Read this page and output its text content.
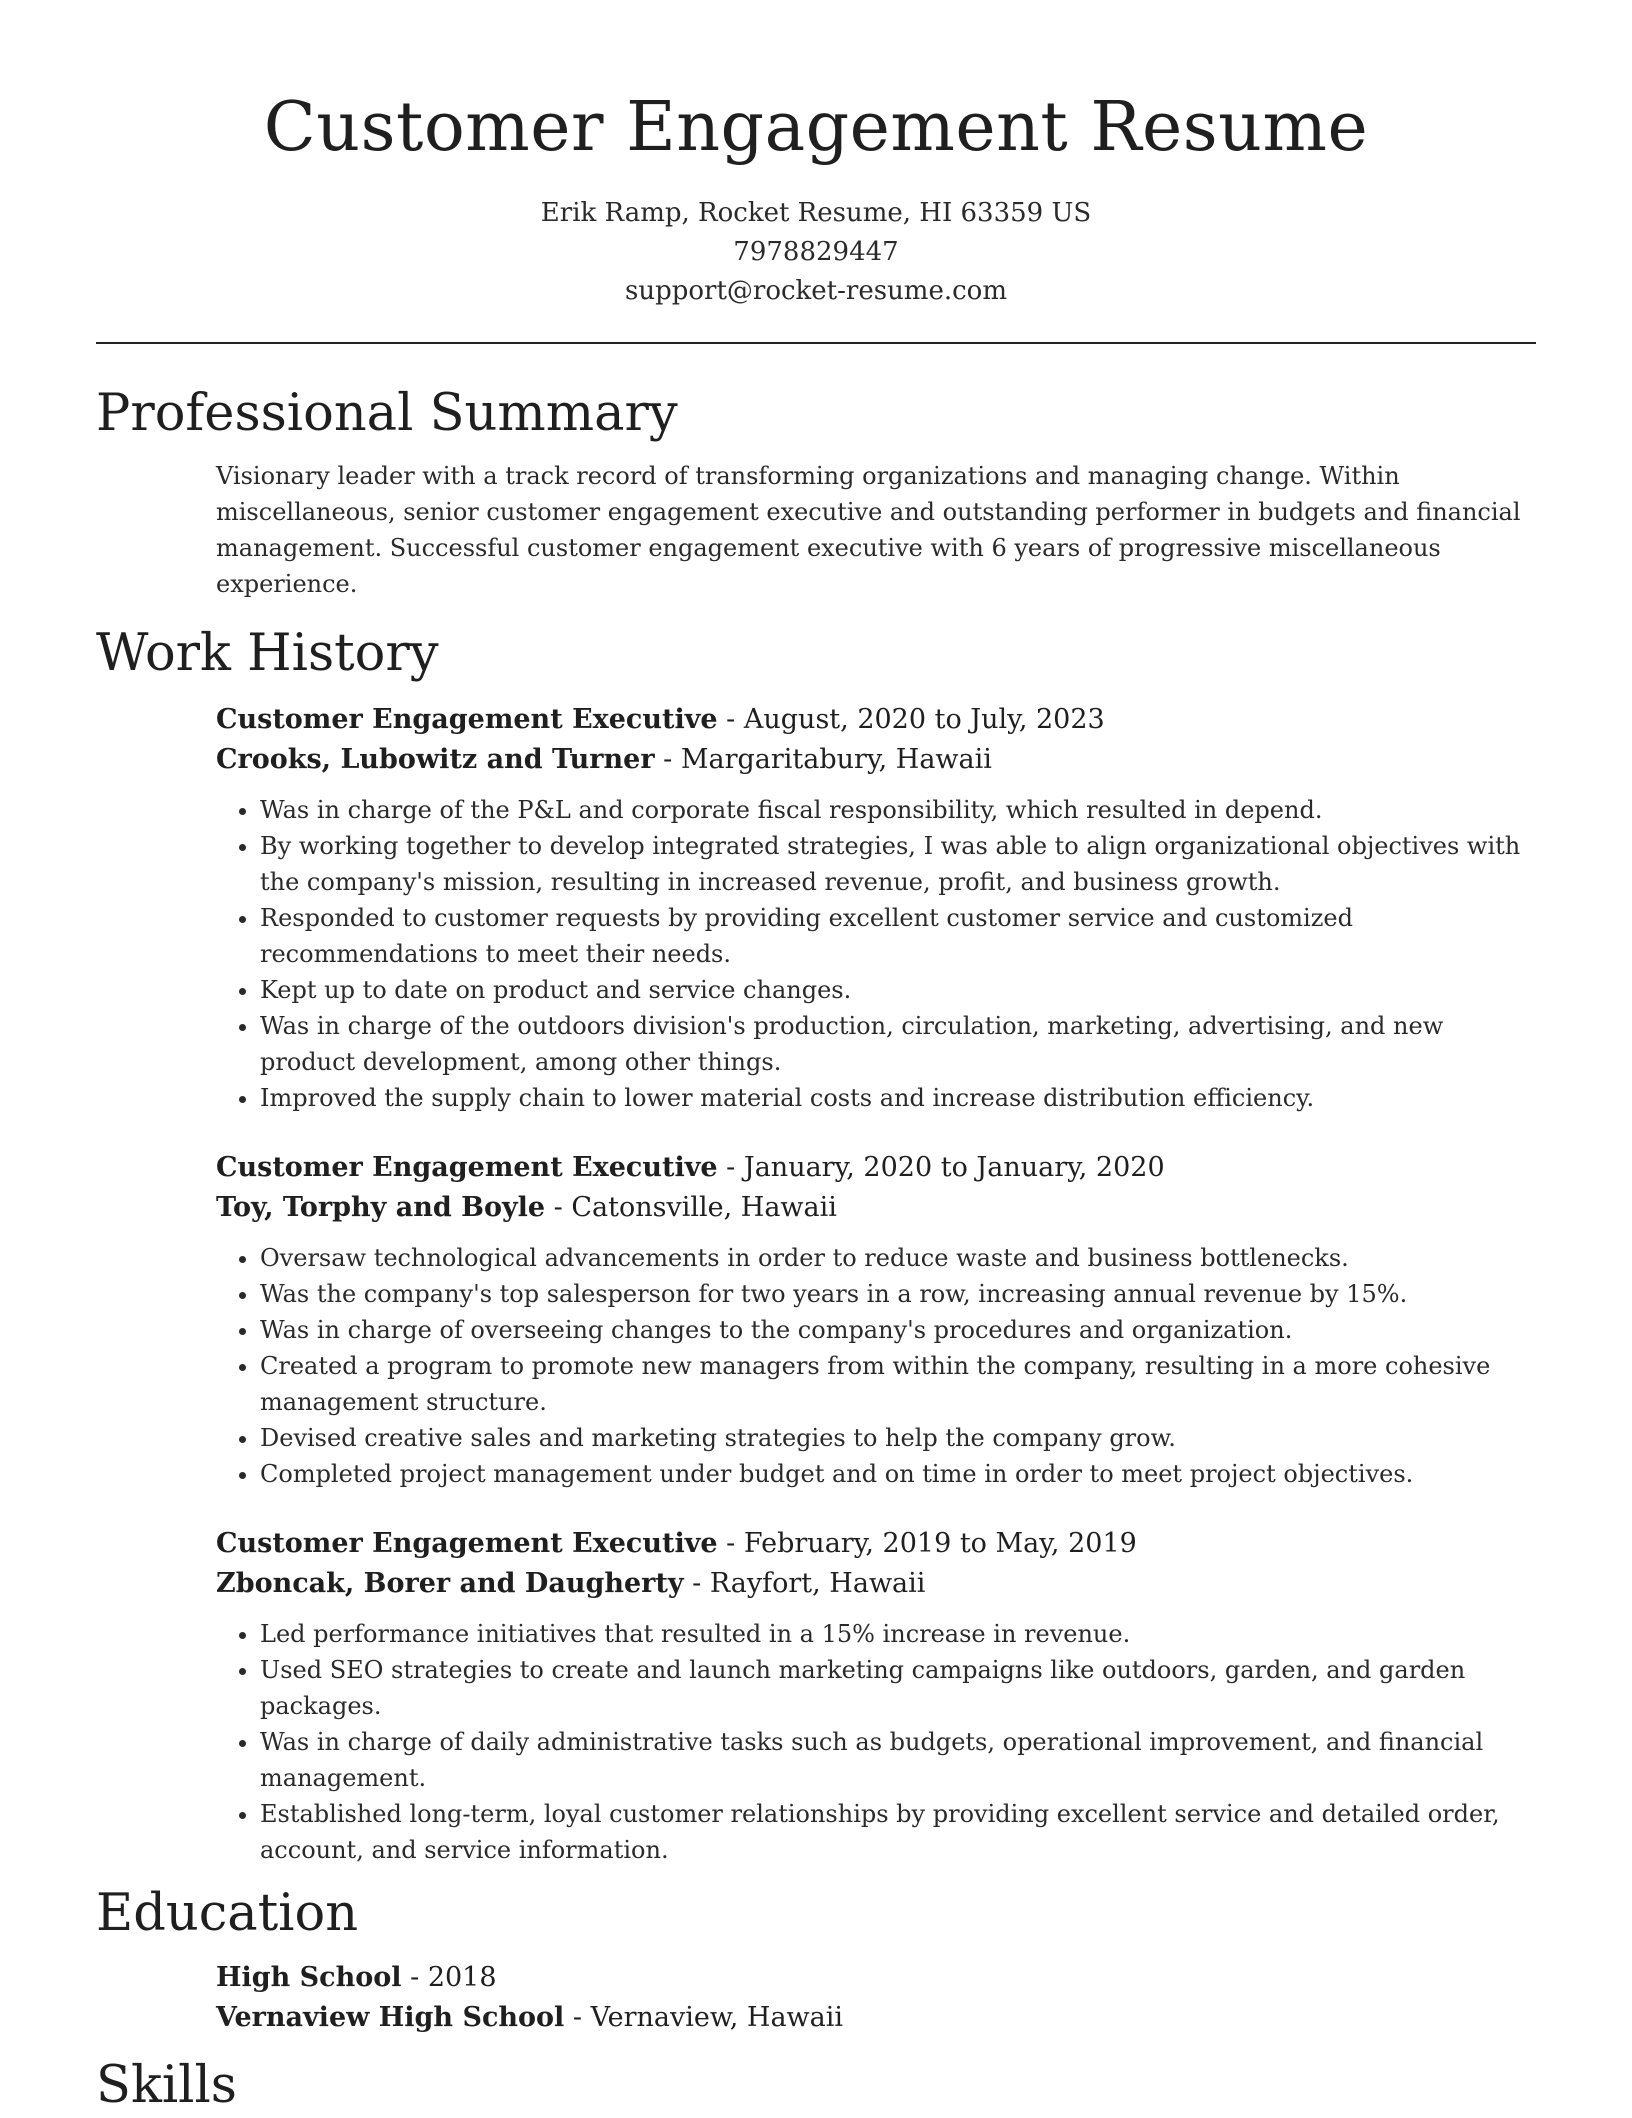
Customer Engagement Resume
Erik Ramp, Rocket Resume, HI 63359 US
7978829447
support@rocket-resume.com
Professional Summary

Visionary leader with a track record of transforming organizations and managing change. Within miscellaneous, senior customer engagement executive and outstanding performer in budgets and financial management. Successful customer engagement executive with 6 years of progressive miscellaneous experience.

Work History
Customer Engagement Executive - August, 2020 to July, 2023
Crooks, Lubowitz and Turner - Margaritabury, Hawaii
• Was in charge of the P&L and corporate fiscal responsibility, which resulted in depend.
• By working together to develop integrated strategies, I was able to align organizational objectives with the company's mission, resulting in increased revenue, profit, and business growth.
• Responded to customer requests by providing excellent customer service and customized recommendations to meet their needs.
• Kept up to date on product and service changes.
• Was in charge of the outdoors division's production, circulation, marketing, advertising, and new product development, among other things.
• Improved the supply chain to lower material costs and increase distribution efficiency.
Customer Engagement Executive - January, 2020 to January, 2020
Toy, Torphy and Boyle - Catonsville, Hawaii
• Oversaw technological advancements in order to reduce waste and business bottlenecks.
• Was the company's top salesperson for two years in a row, increasing annual revenue by 15%.
• Was in charge of overseeing changes to the company's procedures and organization.
• Created a program to promote new managers from within the company, resulting in a more cohesive management structure.
• Devised creative sales and marketing strategies to help the company grow.
• Completed project management under budget and on time in order to meet project objectives.
Customer Engagement Executive - February, 2019 to May, 2019
Zboncak, Borer and Daugherty - Rayfort, Hawaii
• Led performance initiatives that resulted in a 15% increase in revenue.
• Used SEO strategies to create and launch marketing campaigns like outdoors, garden, and garden packages.
• Was in charge of daily administrative tasks such as budgets, operational improvement, and financial management.
• Established long-term, loyal customer relationships by providing excellent service and detailed order, account, and service information.
Education
High School - 2018
Vernaview High School - Vernaview, Hawaii
Skills
